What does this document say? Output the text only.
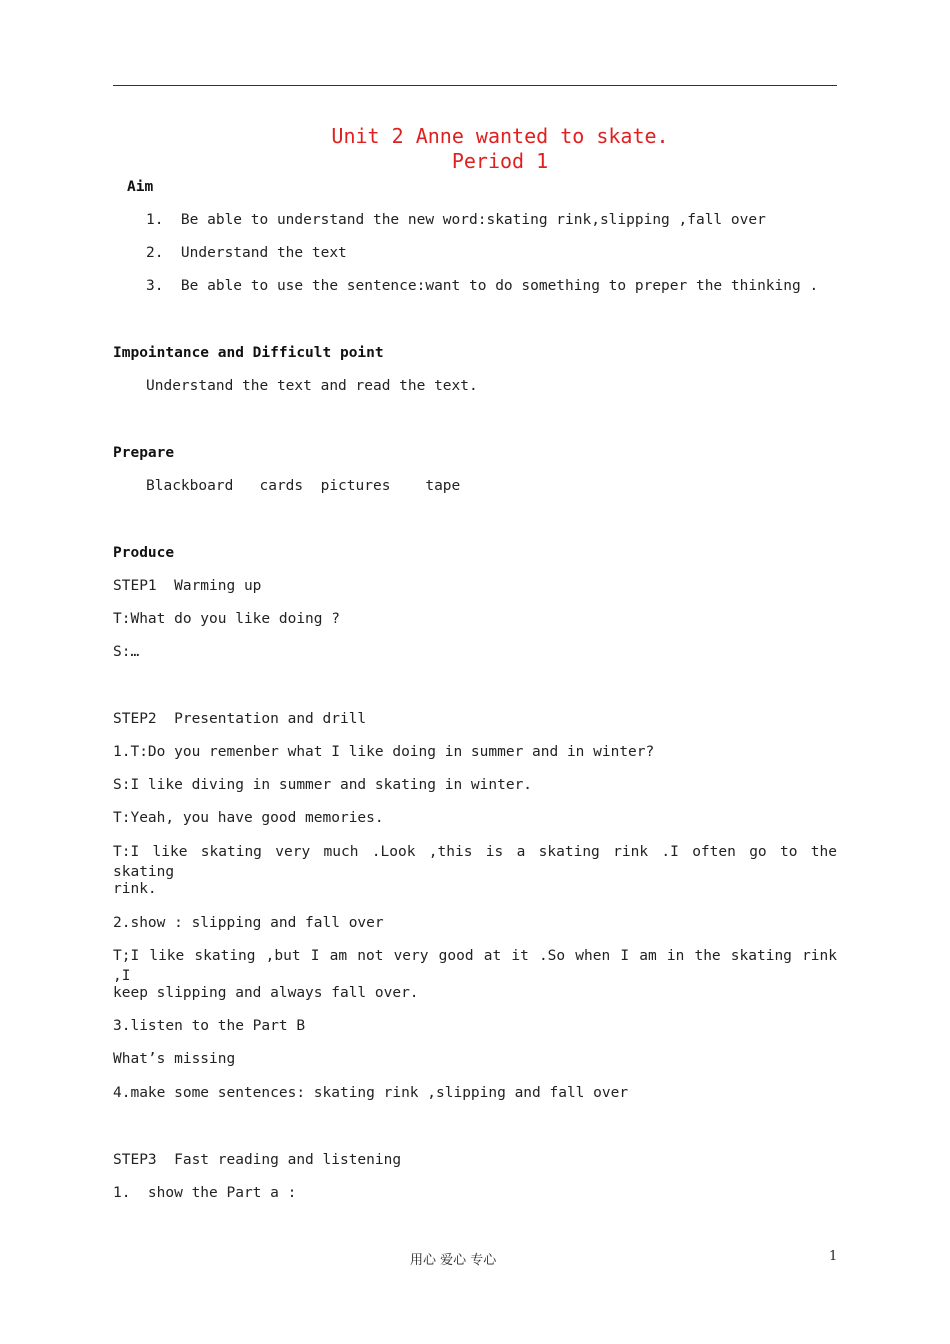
Unit 2 Anne wanted to skate.
Period 1
Aim
1.  Be able to understand the new word:skating rink,slipping ,fall over
2.  Understand the text
3.  Be able to use the sentence:want to do something to preper the thinking .
Impointance and Difficult point
Understand the text and read the text.
Prepare
Blackboard   cards  pictures    tape
Produce
STEP1  Warming up
T:What do you like doing ?
S:…
STEP2  Presentation and drill
1.T:Do you remenber what I like doing in summer and in winter?
S:I like diving in summer and skating in winter.
T:Yeah, you have good memories.
T:I like skating very much .Look ,this is a skating rink .I often go to the skating
rink.
2.show : slipping and fall over
T;I like skating ,but I am not very good at it .So when I am in the skating rink ,I
keep slipping and always fall over.
3.listen to the Part B
What’s missing
4.make some sentences: skating rink ,slipping and fall over
STEP3  Fast reading and listening
1.  show the Part a :
用心 爱心 专心	1
